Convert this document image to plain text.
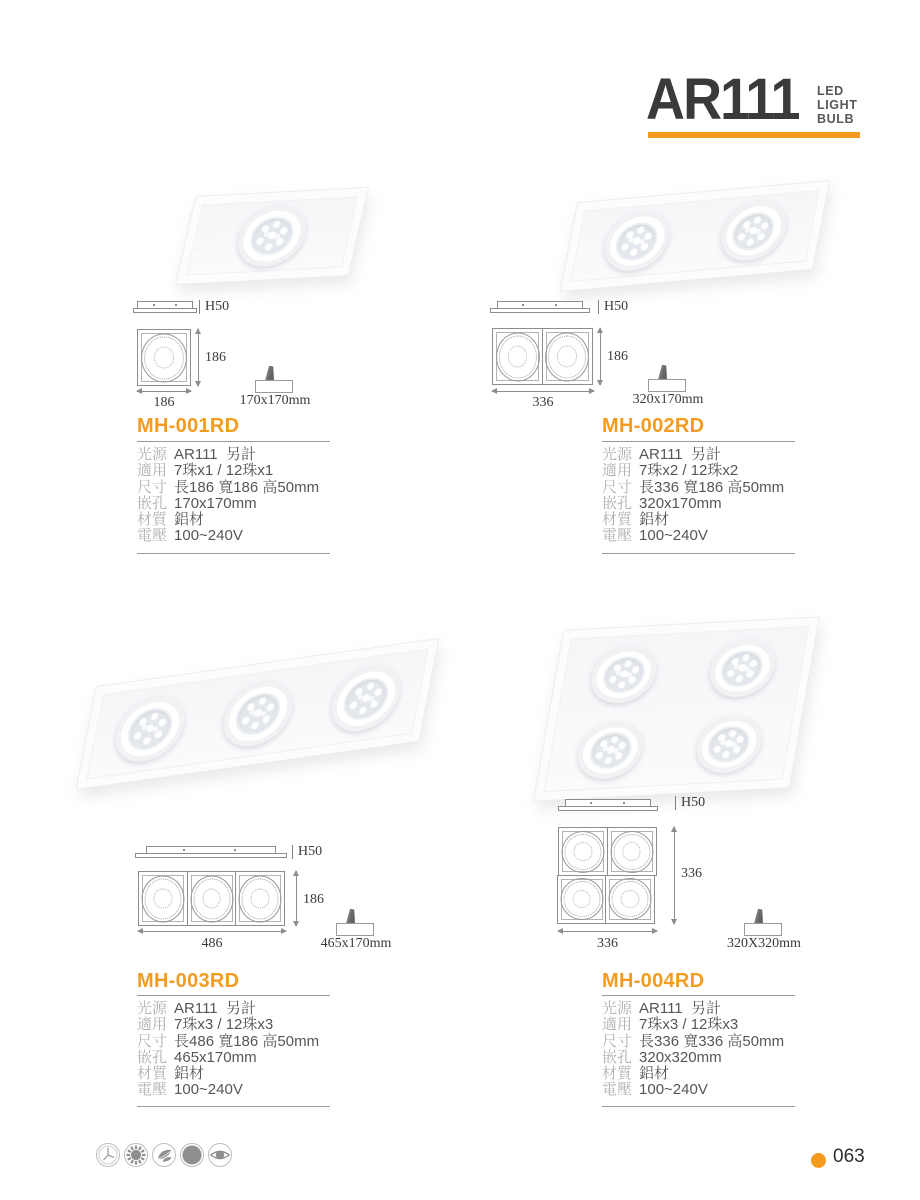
AR111 LED
LIGHT
BULB
H50
186
186	170x170mm
MH-001RD
光源 AR111  另計
適用 7珠x1 / 12珠x1
尺寸 長186 寬186 高50mm
嵌孔 170x170mm
材質 鋁材
電壓 100~240V
H50
186
336	320x170mm
MH-002RD
光源 AR111  另計
適用 7珠x2 / 12珠x2
尺寸 長336 寬186 高50mm
嵌孔 320x170mm
材質 鋁材
電壓 100~240V
H50
186
486	465x170mm
MH-003RD
光源 AR111  另計
適用 7珠x3 / 12珠x3
尺寸 長486 寬186 高50mm
嵌孔 465x170mm
材質 鋁材
電壓 100~240V
H50
336
336	320X320mm
MH-004RD
光源 AR111  另計
適用 7珠x3 / 12珠x3
尺寸 長336 寬336 高50mm
嵌孔 320x320mm
材質 鋁材
電壓 100~240V
063
